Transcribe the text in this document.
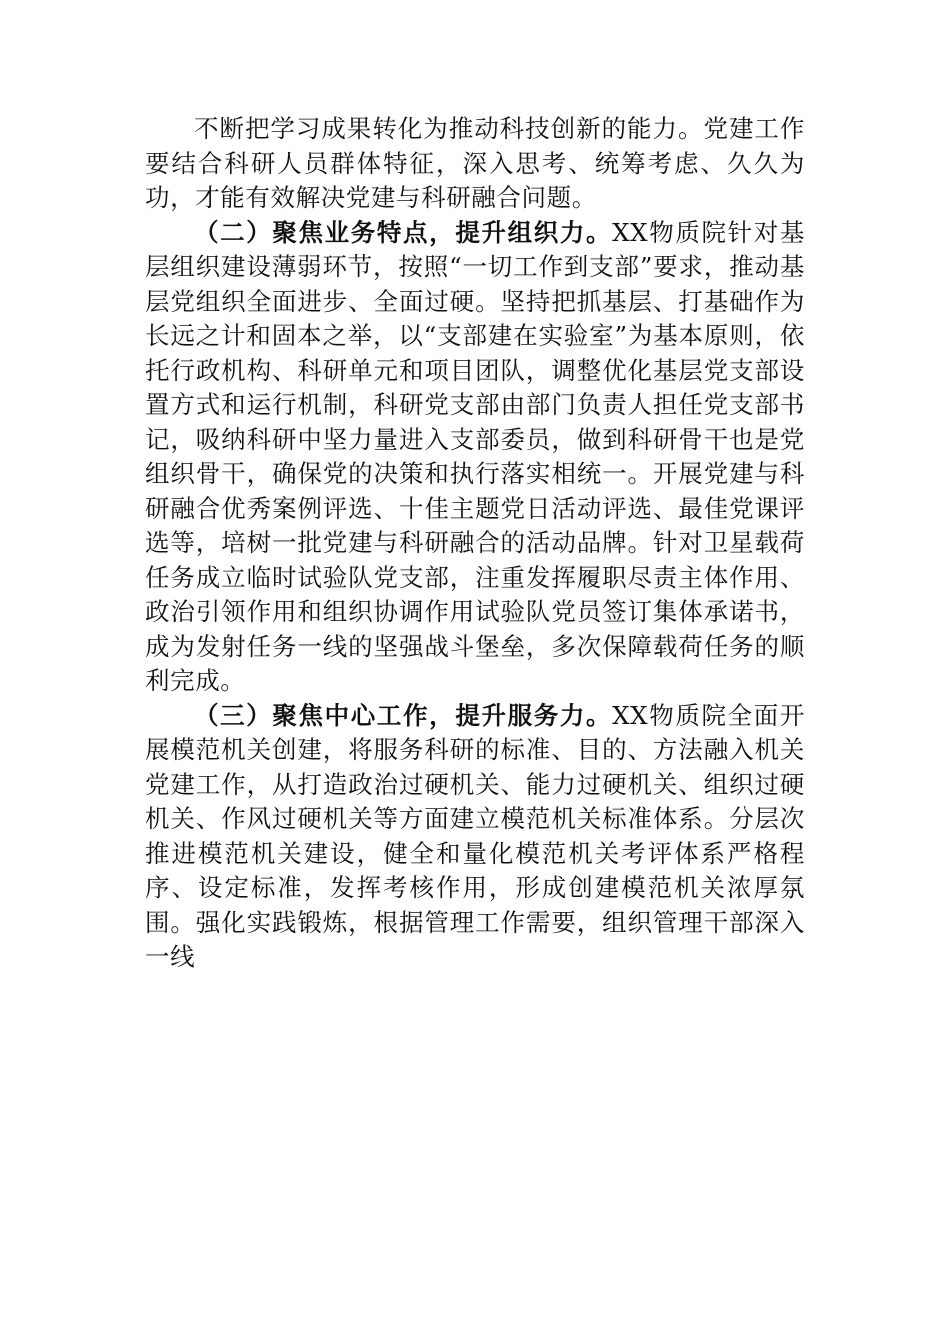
不断把学习成果转化为推动科技创新的能力。党建工作要结合科研人员群体特征，深入思考、统筹考虑、久久为功，才能有效解决党建与科研融合问题。

（二）聚焦业务特点，提升组织力。XX物质院针对基层组织建设薄弱环节，按照“一切工作到支部”要求，推动基层党组织全面进步、全面过硬。坚持把抓基层、打基础作为长远之计和固本之举，以“支部建在实验室”为基本原则，依托行政机构、科研单元和项目团队，调整优化基层党支部设置方式和运行机制，科研党支部由部门负责人担任党支部书记，吸纳科研中坚力量进入支部委员，做到科研骨干也是党组织骨干，确保党的决策和执行落实相统一。开展党建与科研融合优秀案例评选、十佳主题党日活动评选、最佳党课评选等，培树一批党建与科研融合的活动品牌。针对卫星载荷任务成立临时试验队党支部，注重发挥履职尽责主体作用、政治引领作用和组织协调作用试验队党员签订集体承诺书，成为发射任务一线的坚强战斗堡垒，多次保障载荷任务的顺利完成。

（三）聚焦中心工作，提升服务力。XX物质院全面开展模范机关创建，将服务科研的标准、目的、方法融入机关党建工作，从打造政治过硬机关、能力过硬机关、组织过硬机关、作风过硬机关等方面建立模范机关标准体系。分层次推进模范机关建设，健全和量化模范机关考评体系严格程序、设定标准，发挥考核作用，形成创建模范机关浓厚氛围。强化实践锻炼，根据管理工作需要，组织管理干部深入一线
